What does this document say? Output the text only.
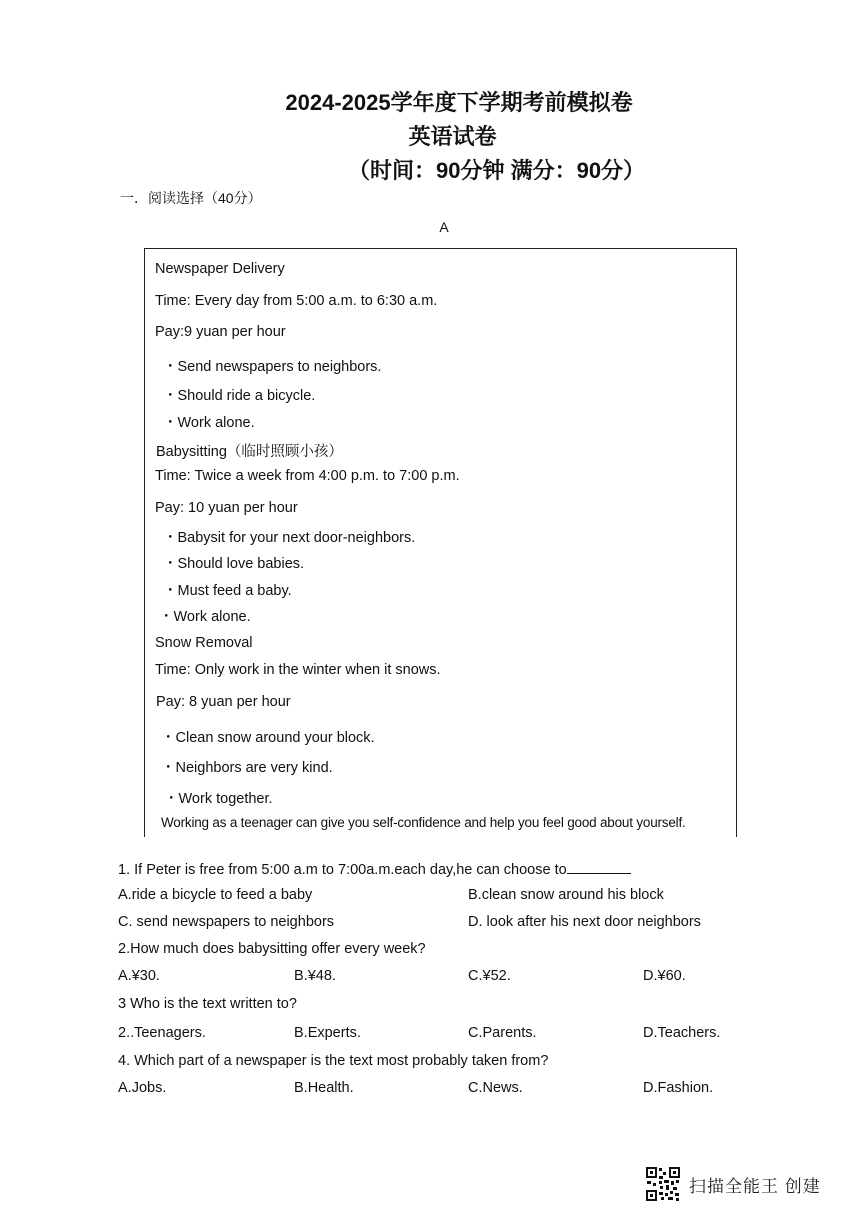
2024-2025学年度下学期考前模拟卷
英语试卷
（时间：90分钟 满分：90分）
一．阅读选择（40分）
A
Newspaper Delivery
Time: Every day from 5:00 a.m. to 6:30 a.m.
Pay:9 yuan per hour
・Send newspapers to neighbors.
・Should ride a bicycle.
・Work alone.
Babysitting（临时照顾小孩）
Time: Twice a week from 4:00 p.m. to 7:00 p.m.
Pay: 10 yuan per hour
・Babysit for your next door-neighbors.
・Should love babies.
・Must feed a baby.
・Work alone.
Snow Removal
Time: Only work in the winter when it snows.
Pay: 8 yuan per hour
・Clean snow around your block.
・Neighbors are very kind.
・Work together.
Working as a teenager can give you self-confidence and help you feel good about yourself.
1. If Peter is free from 5:00 a.m to 7:00a.m.each day,he can choose to
A.ride a bicycle to feed a baby	B.clean snow around his block
C. send newspapers to neighbors	D. look after his next door neighbors
2.How much does babysitting offer every week?
A.¥30.	B.¥48.	C.¥52.	D.¥60.
3 Who is the text written to?
2..Teenagers.	B.Experts.	C.Parents.	D.Teachers.
4. Which part of a newspaper is the text most probably taken from?
A.Jobs.	B.Health.	C.News.	D.Fashion.
扫描全能王 创建
